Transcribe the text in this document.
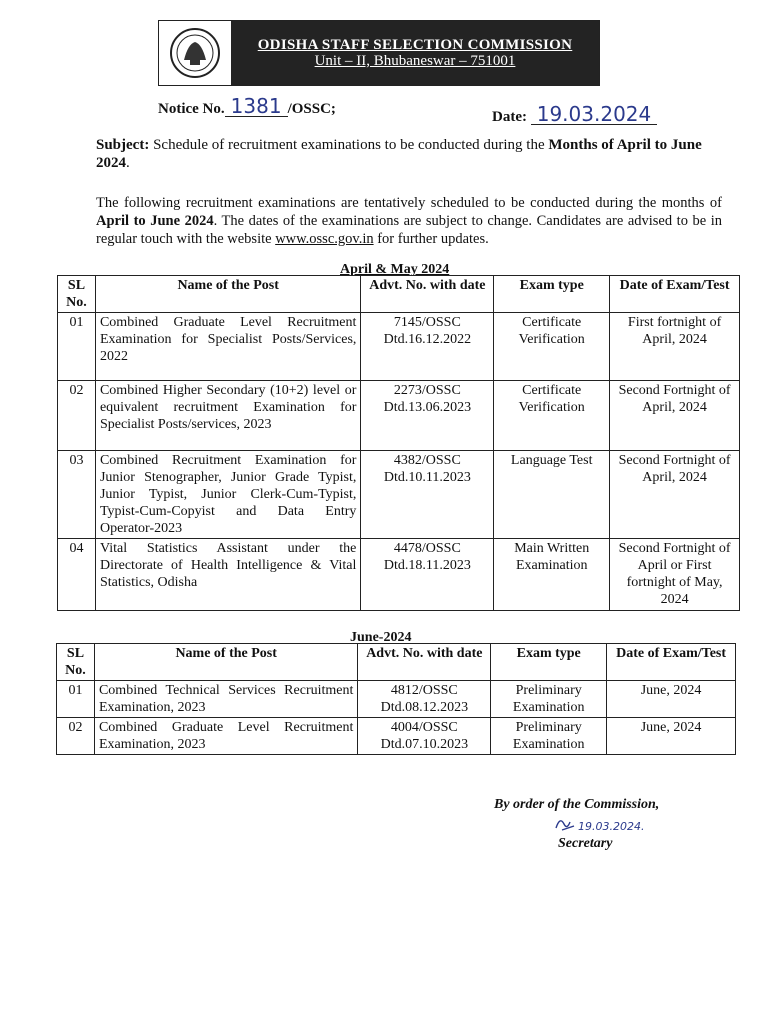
ODISHA STAFF SELECTION COMMISSION
Unit – II, Bhubaneswar – 751001
Notice No. 1381 /OSSC;	Date: 19.03.2024
Subject: Schedule of recruitment examinations to be conducted during the Months of April to June 2024.
The following recruitment examinations are tentatively scheduled to be conducted during the months of April to June 2024. The dates of the examinations are subject to change. Candidates are advised to be in regular touch with the website www.ossc.gov.in for further updates.
April & May 2024
SL No.	Name of the Post	Advt. No. with date	Exam type	Date of Exam/Test
01	Combined Graduate Level Recruitment Examination for Specialist Posts/Services, 2022	7145/OSSC Dtd.16.12.2022	Certificate Verification	First fortnight of April, 2024
02	Combined Higher Secondary (10+2) level or equivalent recruitment Examination for Specialist Posts/services, 2023	2273/OSSC Dtd.13.06.2023	Certificate Verification	Second Fortnight of April, 2024
03	Combined Recruitment Examination for Junior Stenographer, Junior Grade Typist, Junior Typist, Junior Clerk-Cum-Typist, Typist-Cum-Copyist and Data Entry Operator-2023	4382/OSSC Dtd.10.11.2023	Language Test	Second Fortnight of April, 2024
04	Vital Statistics Assistant under the Directorate of Health Intelligence & Vital Statistics, Odisha	4478/OSSC Dtd.18.11.2023	Main Written Examination	Second Fortnight of April or First fortnight of May, 2024
June-2024
SL No.	Name of the Post	Advt. No. with date	Exam type	Date of Exam/Test
01	Combined Technical Services Recruitment Examination, 2023	4812/OSSC Dtd.08.12.2023	Preliminary Examination	June, 2024
02	Combined Graduate Level Recruitment Examination, 2023	4004/OSSC Dtd.07.10.2023	Preliminary Examination	June, 2024
By order of the Commission,
19.03.2024.
Secretary
